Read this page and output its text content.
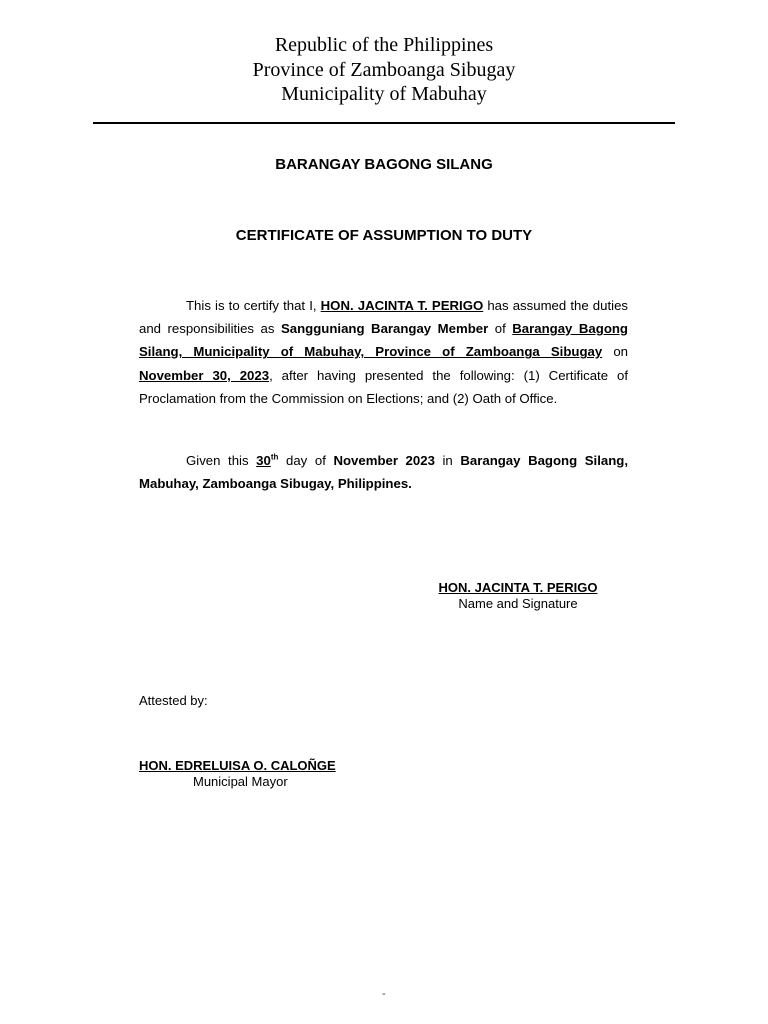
Republic of the Philippines
Province of Zamboanga Sibugay
Municipality of Mabuhay
BARANGAY BAGONG SILANG
CERTIFICATE OF ASSUMPTION TO DUTY
This is to certify that I, HON. JACINTA T. PERIGO has assumed the duties and responsibilities as Sangguniang Barangay Member of Barangay Bagong Silang, Municipality of Mabuhay, Province of Zamboanga Sibugay on November 30, 2023, after having presented the following: (1) Certificate of Proclamation from the Commission on Elections; and (2) Oath of Office.
Given this 30th day of November 2023 in Barangay Bagong Silang, Mabuhay, Zamboanga Sibugay, Philippines.
HON. JACINTA T. PERIGO
Name and Signature
Attested by:
HON. EDRELUISA O. CALOÑGE
Municipal Mayor
-
